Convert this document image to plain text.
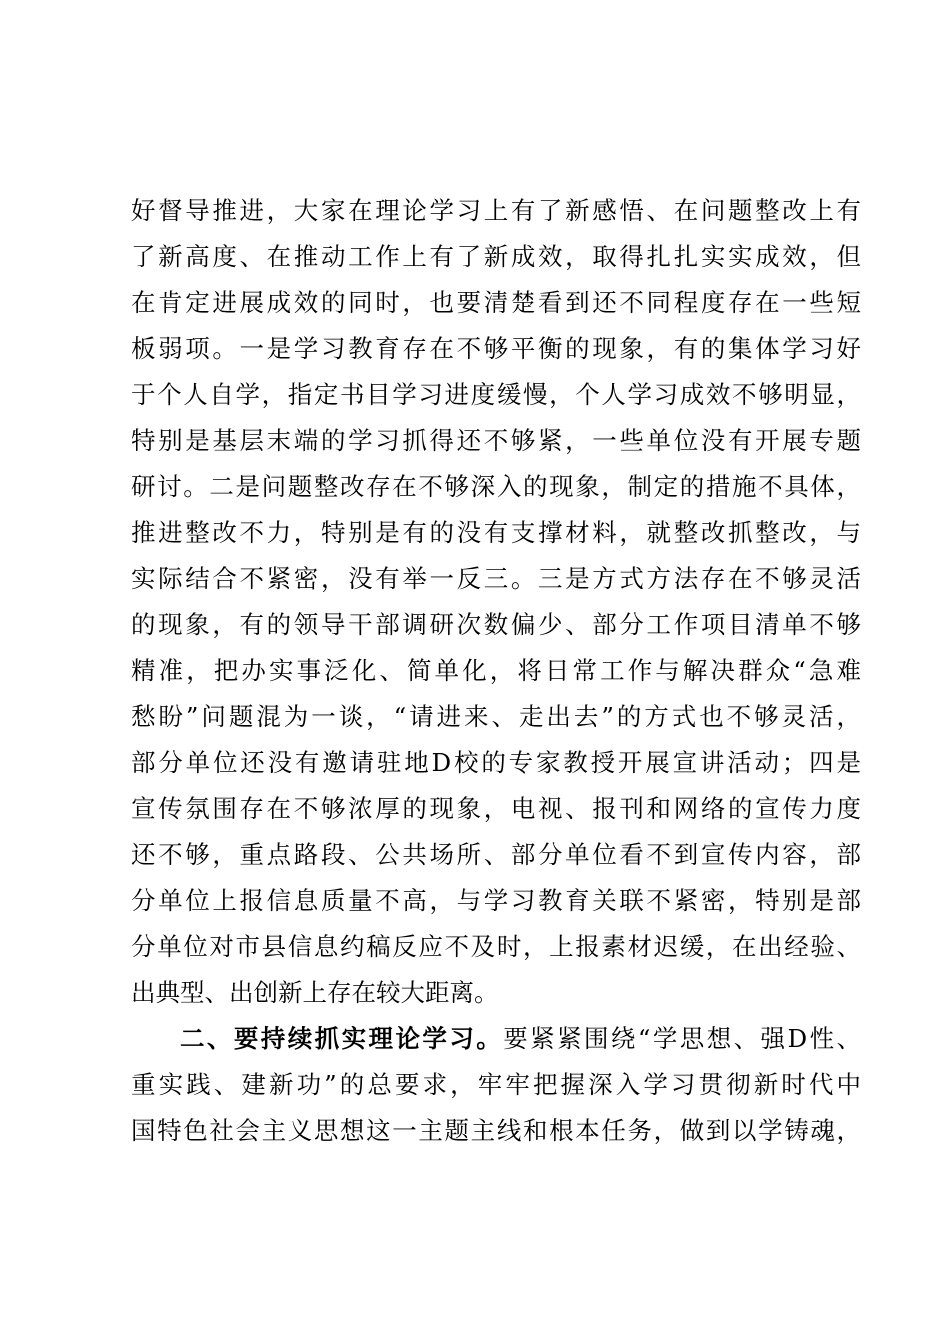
好督导推进，大家在理论学习上有了新感悟、在问题整改上有
了新高度、在推动工作上有了新成效，取得扎扎实实成效，但
在肯定进展成效的同时，也要清楚看到还不同程度存在一些短
板弱项。一是学习教育存在不够平衡的现象，有的集体学习好
于个人自学，指定书目学习进度缓慢，个人学习成效不够明显，
特别是基层末端的学习抓得还不够紧，一些单位没有开展专题
研讨。二是问题整改存在不够深入的现象，制定的措施不具体，
推进整改不力，特别是有的没有支撑材料，就整改抓整改，与
实际结合不紧密，没有举一反三。三是方式方法存在不够灵活
的现象，有的领导干部调研次数偏少、部分工作项目清单不够
精准，把办实事泛化、简单化，将日常工作与解决群众“急难
愁盼”问题混为一谈，“请进来、走出去”的方式也不够灵活，
部分单位还没有邀请驻地D校的专家教授开展宣讲活动；四是
宣传氛围存在不够浓厚的现象，电视、报刊和网络的宣传力度
还不够，重点路段、公共场所、部分单位看不到宣传内容，部
分单位上报信息质量不高，与学习教育关联不紧密，特别是部
分单位对市县信息约稿反应不及时，上报素材迟缓，在出经验、
出典型、出创新上存在较大距离。
二、要持续抓实理论学习。要紧紧围绕“学思想、强D性、
重实践、建新功”的总要求，牢牢把握深入学习贯彻新时代中
国特色社会主义思想这一主题主线和根本任务，做到以学铸魂，
